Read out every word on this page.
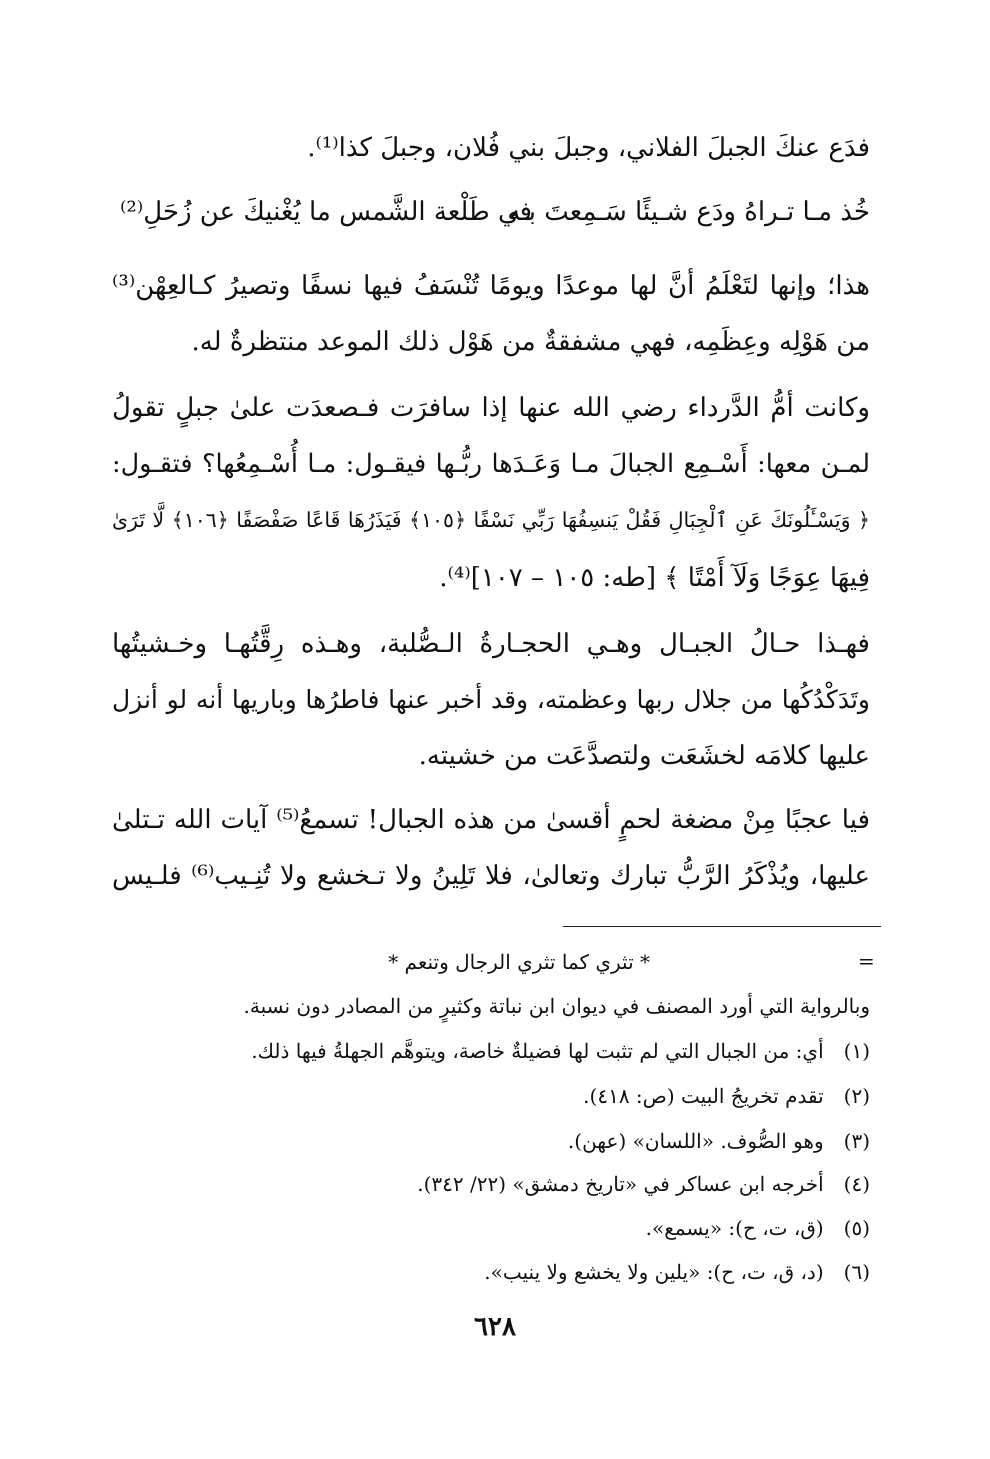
فدَع عنكَ الجبلَ الفلاني، وجبلَ بني فُلان، وجبلَ كذا⁽¹⁾.
خُذ مـا تـراهُ ودَع شـيئًا سَـمِعتَ بـه
في طَلْعة الشَّمس ما يُغْنيكَ عن زُحَلِ⁽²⁾
هذا؛ وإنها لتَعْلَمُ أنَّ لها موعدًا ويومًا تُنْسَفُ فيها نسفًا وتصيرُ كـالعِهْن⁽³⁾
من هَوْلِه وعِظَمِه، فهي مشفقةٌ من هَوْل ذلك الموعد منتظرةٌ له.
وكانت أمُّ الدَّرداء رضي الله عنها إذا سافرَت فـصعدَت علىٰ جبلٍ تقولُ
لمـن معها: أَسْـمِع الجبالَ مـا وَعَـدَها ربُّـها فيقـول: مـا أُسْـمِعُها؟ فتقـول:
﴿ وَيَسْـَٔلُونَكَ عَنِ ٱلْجِبَالِ فَقُلْ يَنسِفُهَا رَبِّي نَسْفًا ﴿١٠٥﴾ فَيَذَرُهَا قَاعًا صَفْصَفًا ﴿١٠٦﴾ لَّا تَرَىٰ
فِيهَا عِوَجًا وَلَآ أَمْتًا ﴾ [طه: ١٠٥ – ١٠٧]⁽⁴⁾.
فهـذا حـالُ الجبـال وهـي الحجـارةُ الـصُّلبة، وهـذه رِقَّتُهـا وخـشيتُها
وتَدَكْدُكُها من جلال ربها وعظمته، وقد أخبر عنها فاطرُها وباريها أنه لو أنزل
عليها كلامَه لخشَعَت ولتصدَّعَت من خشيته.
فيا عجبًا مِنْ مضغة لحمٍ أقسىٰ من هذه الجبال! تسمعُ⁽⁵⁾ آيات الله تـتلىٰ
عليها، ويُذْكَرُ الرَّبُّ تبارك وتعالىٰ، فلا تَلِينُ ولا تـخشع ولا تُنِـيب⁽⁶⁾ فلـيس
=
* تثري كما تثري الرجال وتنعم *
وبالرواية التي أورد المصنف في ديوان ابن نباتة وكثيرٍ من المصادر دون نسبة.
(١) أي: من الجبال التي لم تثبت لها فضيلةٌ خاصة، ويتوهَّم الجهلةُ فيها ذلك.
(٢) تقدم تخريجُ البيت (ص: ٤١٨).
(٣) وهو الصُّوف. «اللسان» (عهن).
(٤) أخرجه ابن عساكر في «تاريخ دمشق» (٢٢/ ٣٤٢).
(٥) (ق، ت، ح): «يسمع».
(٦) (د، ق، ت، ح): «يلين ولا يخشع ولا ينيب».
٦٢٨
